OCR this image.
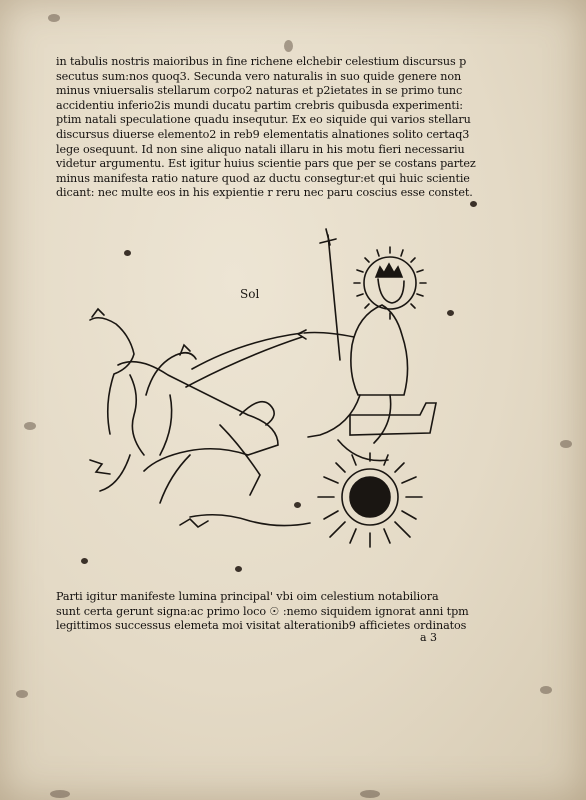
in tabulis nostris maioribus in fine richene elchebir celestium discursus p
secutus sum:nos quoq3. Secunda vero naturalis in suo quide genere non
minus vniuersalis stellarum corpo2 naturas et p2ietates in se primo tunc
accidentiu inferio2is mundi ducatu partim crebris quibusda experimenti:
ptim natali speculatione quadu insequtur. Ex eo siquide qui varios stellaru
discursus diuerse elemento2 in reb9 elementatis alnationes solito certaq3
lege osequunt. Id non sine aliquo natali illaru in his motu fieri necessariu
videtur argumentu. Est igitur huius scientie pars que per se costans partez
minus manifesta ratio nature quod az ductu consegtur:et qui huic scientie
dicant: nec multe eos in his expientie r reru nec paru coscius esse constet.
Sol
Parti igitur manifeste lumina principal' vbi oim celestium notabiliora
sunt certa gerunt signa:ac primo loco ☉ :nemo siquidem ignorat anni tpm
legittimos successus elemeta moi visitat alterationib9 afficietes ordinatos
a 3
